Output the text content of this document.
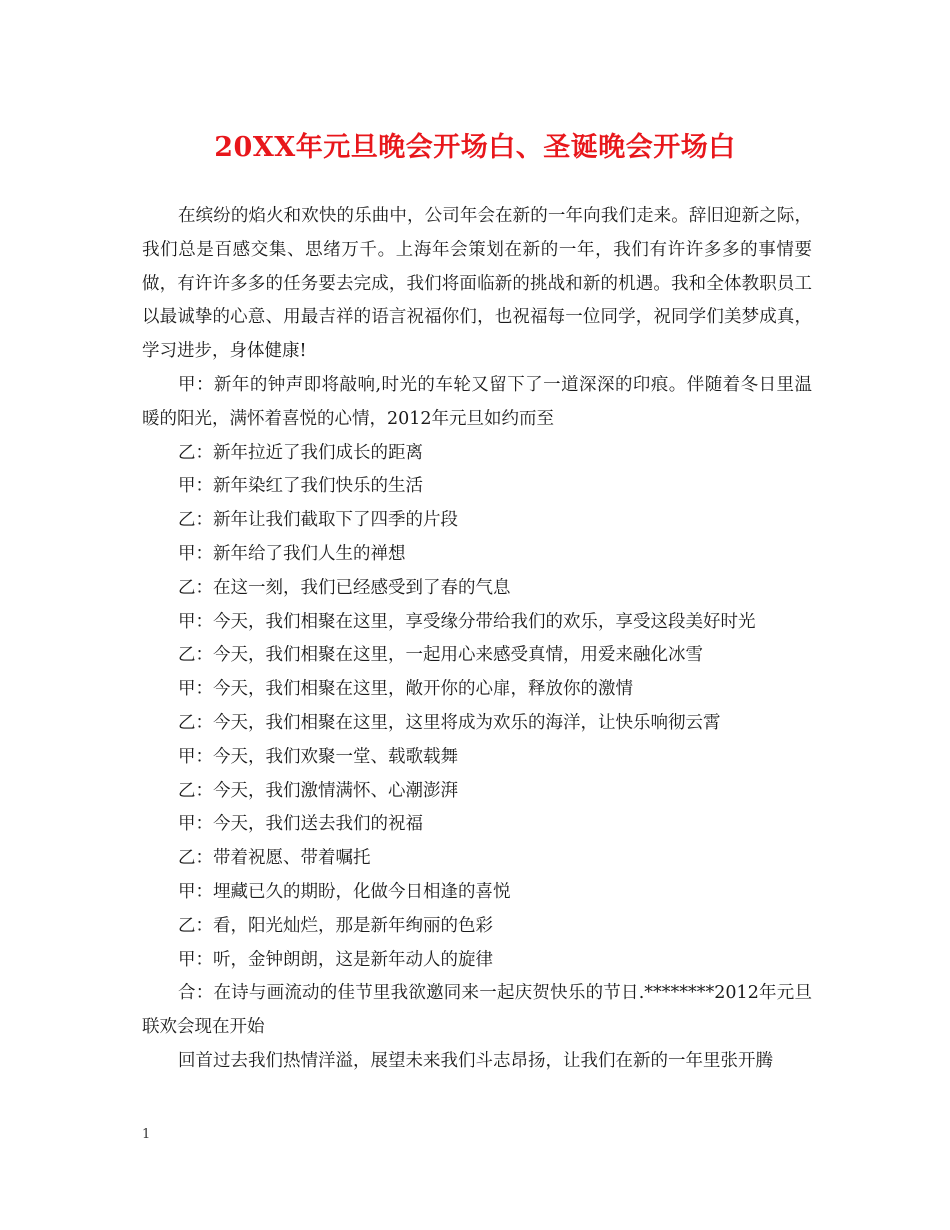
20XX年元旦晚会开场白、圣诞晚会开场白

在缤纷的焰火和欢快的乐曲中，公司年会在新的一年向我们走来。辞旧迎新之际，我们总是百感交集、思绪万千。上海年会策划在新的一年，我们有许许多多的事情要做，有许许多多的任务要去完成，我们将面临新的挑战和新的机遇。我和全体教职员工以最诚挚的心意、用最吉祥的语言祝福你们，也祝福每一位同学，祝同学们美梦成真，学习进步，身体健康!

甲：新年的钟声即将敲响,时光的车轮又留下了一道深深的印痕。伴随着冬日里温暖的阳光，满怀着喜悦的心情，2012年元旦如约而至

乙：新年拉近了我们成长的距离

甲：新年染红了我们快乐的生活

乙：新年让我们截取下了四季的片段

甲：新年给了我们人生的禅想

乙：在这一刻，我们已经感受到了春的气息

甲：今天，我们相聚在这里，享受缘分带给我们的欢乐，享受这段美好时光

乙：今天，我们相聚在这里，一起用心来感受真情，用爱来融化冰雪

甲：今天，我们相聚在这里，敞开你的心扉，释放你的激情

乙：今天，我们相聚在这里，这里将成为欢乐的海洋，让快乐响彻云霄

甲：今天，我们欢聚一堂、载歌载舞

乙：今天，我们激情满怀、心潮澎湃

甲：今天，我们送去我们的祝福

乙：带着祝愿、带着嘱托

甲：埋藏已久的期盼，化做今日相逢的喜悦

乙：看，阳光灿烂，那是新年绚丽的色彩

甲：听，金钟朗朗，这是新年动人的旋律

合：在诗与画流动的佳节里我欲邀同来一起庆贺快乐的节日.********2012年元旦联欢会现在开始

回首过去我们热情洋溢，展望未来我们斗志昂扬，让我们在新的一年里张开腾

1
